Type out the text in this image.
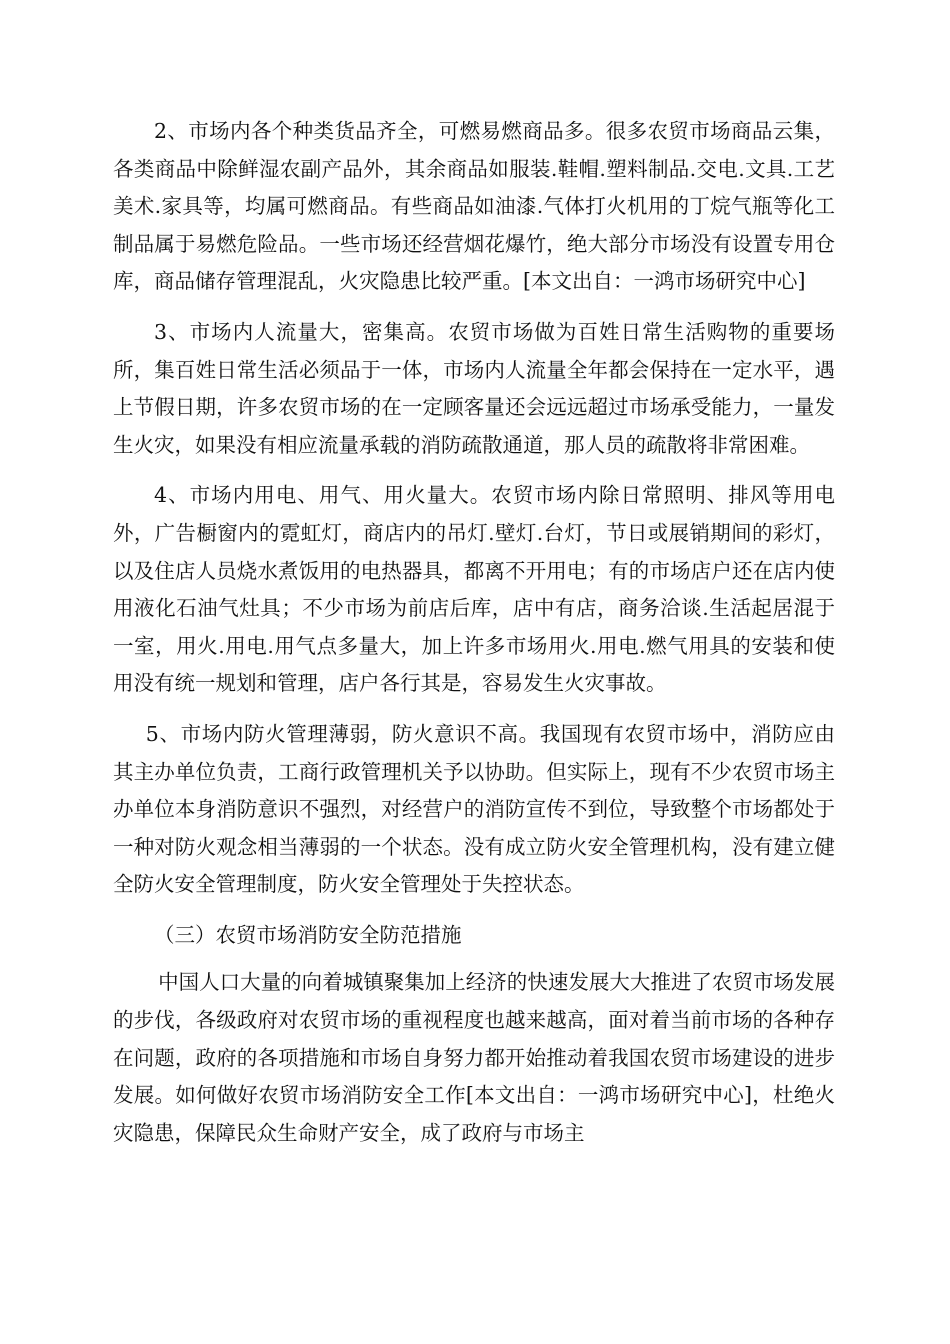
2、市场内各个种类货品齐全，可燃易燃商品多。很多农贸市场商品云集，各类商品中除鲜湿农副产品外，其余商品如服装.鞋帽.塑料制品.交电.文具.工艺美术.家具等，均属可燃商品。有些商品如油漆.气体打火机用的丁烷气瓶等化工制品属于易燃危险品。一些市场还经营烟花爆竹，绝大部分市场没有设置专用仓库，商品储存管理混乱，火灾隐患比较严重。[本文出自：一鸿市场研究中心]

3、市场内人流量大，密集高。农贸市场做为百姓日常生活购物的重要场所，集百姓日常生活必须品于一体，市场内人流量全年都会保持在一定水平，遇上节假日期，许多农贸市场的在一定顾客量还会远远超过市场承受能力，一量发生火灾，如果没有相应流量承载的消防疏散通道，那人员的疏散将非常困难。

4、市场内用电、用气、用火量大。农贸市场内除日常照明、排风等用电外，广告橱窗内的霓虹灯，商店内的吊灯.壁灯.台灯，节日或展销期间的彩灯，以及住店人员烧水煮饭用的电热器具，都离不开用电；有的市场店户还在店内使用液化石油气灶具；不少市场为前店后库，店中有店，商务洽谈.生活起居混于一室，用火.用电.用气点多量大，加上许多市场用火.用电.燃气用具的安装和使用没有统一规划和管理，店户各行其是，容易发生火灾事故。

5、市场内防火管理薄弱，防火意识不高。我国现有农贸市场中，消防应由其主办单位负责，工商行政管理机关予以协助。但实际上，现有不少农贸市场主办单位本身消防意识不强烈，对经营户的消防宣传不到位，导致整个市场都处于一种对防火观念相当薄弱的一个状态。没有成立防火安全管理机构，没有建立健全防火安全管理制度，防火安全管理处于失控状态。

（三）农贸市场消防安全防范措施

中国人口大量的向着城镇聚集加上经济的快速发展大大推进了农贸市场发展的步伐，各级政府对农贸市场的重视程度也越来越高，面对着当前市场的各种存在问题，政府的各项措施和市场自身努力都开始推动着我国农贸市场建设的进步发展。如何做好农贸市场消防安全工作[本文出自：一鸿市场研究中心]，杜绝火灾隐患，保障民众生命财产安全，成了政府与市场主
